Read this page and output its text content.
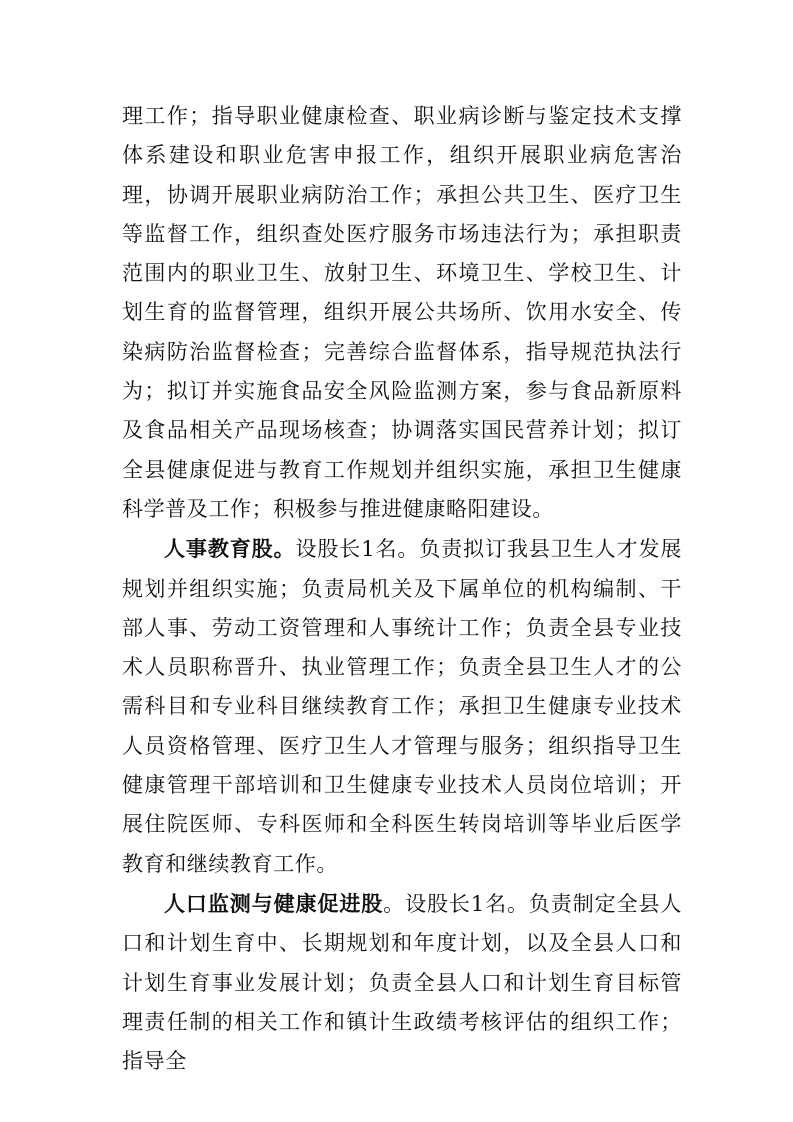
理工作；指导职业健康检查、职业病诊断与鉴定技术支撑体系建设和职业危害申报工作，组织开展职业病危害治理，协调开展职业病防治工作；承担公共卫生、医疗卫生等监督工作，组织查处医疗服务市场违法行为；承担职责范围内的职业卫生、放射卫生、环境卫生、学校卫生、计划生育的监督管理，组织开展公共场所、饮用水安全、传染病防治监督检查；完善综合监督体系，指导规范执法行为；拟订并实施食品安全风险监测方案，参与食品新原料及食品相关产品现场核查；协调落实国民营养计划；拟订全县健康促进与教育工作规划并组织实施，承担卫生健康科学普及工作；积极参与推进健康略阳建设。

人事教育股。设股长1名。负责拟订我县卫生人才发展规划并组织实施；负责局机关及下属单位的机构编制、干部人事、劳动工资管理和人事统计工作；负责全县专业技术人员职称晋升、执业管理工作；负责全县卫生人才的公需科目和专业科目继续教育工作；承担卫生健康专业技术人员资格管理、医疗卫生人才管理与服务；组织指导卫生健康管理干部培训和卫生健康专业技术人员岗位培训；开展住院医师、专科医师和全科医生转岗培训等毕业后医学教育和继续教育工作。

人口监测与健康促进股。设股长1名。负责制定全县人口和计划生育中、长期规划和年度计划，以及全县人口和计划生育事业发展计划；负责全县人口和计划生育目标管理责任制的相关工作和镇计生政绩考核评估的组织工作；指导全
